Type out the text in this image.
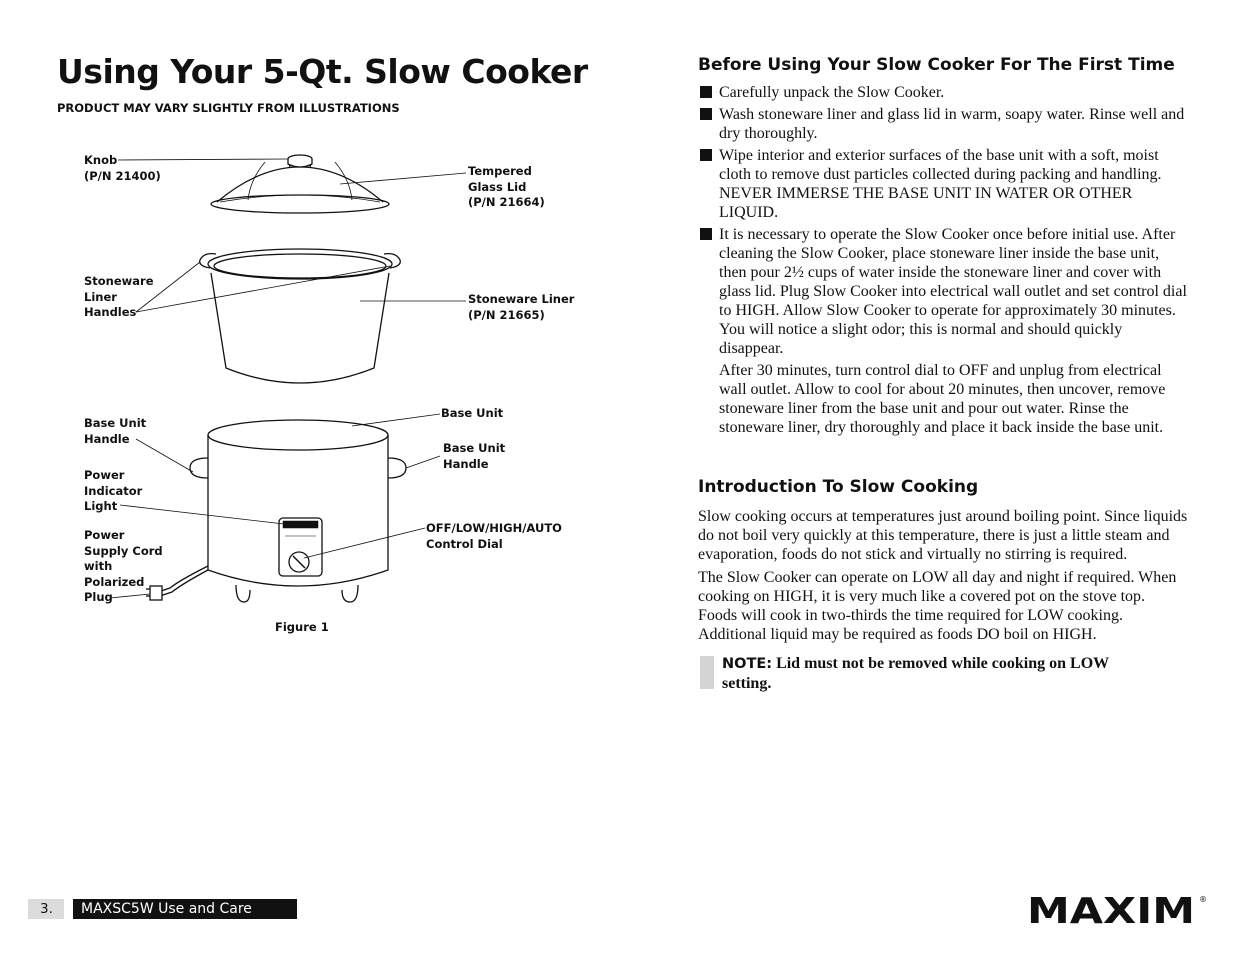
Using Your 5-Qt. Slow Cooker

PRODUCT MAY VARY SLIGHTLY FROM ILLUSTRATIONS

Knob
(P/N 21400)	Tempered
Glass Lid
(P/N 21664)
Stoneware
Liner
Handles
Stoneware Liner
(P/N 21665)
Base Unit
Handle
Base Unit
Base Unit
Handle
Power
Indicator
Light
OFF/LOW/HIGH/AUTO
Control Dial
Power
Supply Cord
with
Polarized
Plug
Figure 1
Before Using Your Slow Cooker For The First Time
Carefully unpack the Slow Cooker.
Wash stoneware liner and glass lid in warm, soapy water. Rinse well and dry thoroughly.
Wipe interior and exterior surfaces of the base unit with a soft, moist cloth to remove dust particles collected during packing and handling. NEVER IMMERSE THE BASE UNIT IN WATER OR OTHER LIQUID.
It is necessary to operate the Slow Cooker once before initial use. After cleaning the Slow Cooker, place stoneware liner inside the base unit, then pour 2½ cups of water inside the stoneware liner and cover with glass lid. Plug Slow Cooker into electrical wall outlet and set control dial to HIGH. Allow Slow Cooker to operate for approximately 30 minutes. You will notice a slight odor; this is normal and should quickly disappear.

After 30 minutes, turn control dial to OFF and unplug from electrical wall outlet. Allow to cool for about 20 minutes, then uncover, remove stoneware liner from the base unit and pour out water. Rinse the stoneware liner, dry thoroughly and place it back inside the base unit.

Introduction To Slow Cooking

Slow cooking occurs at temperatures just around boiling point. Since liquids do not boil very quickly at this temperature, there is just a little steam and evaporation, foods do not stick and virtually no stirring is required.

The Slow Cooker can operate on LOW all day and night if required. When cooking on HIGH, it is very much like a covered pot on the stove top. Foods will cook in two-thirds the time required for LOW cooking. Additional liquid may be required as foods DO boil on HIGH.

NOTE: Lid must not be removed while cooking on LOW setting.
3.	MAXSC5W Use and Care Guide	MAXIM ®
